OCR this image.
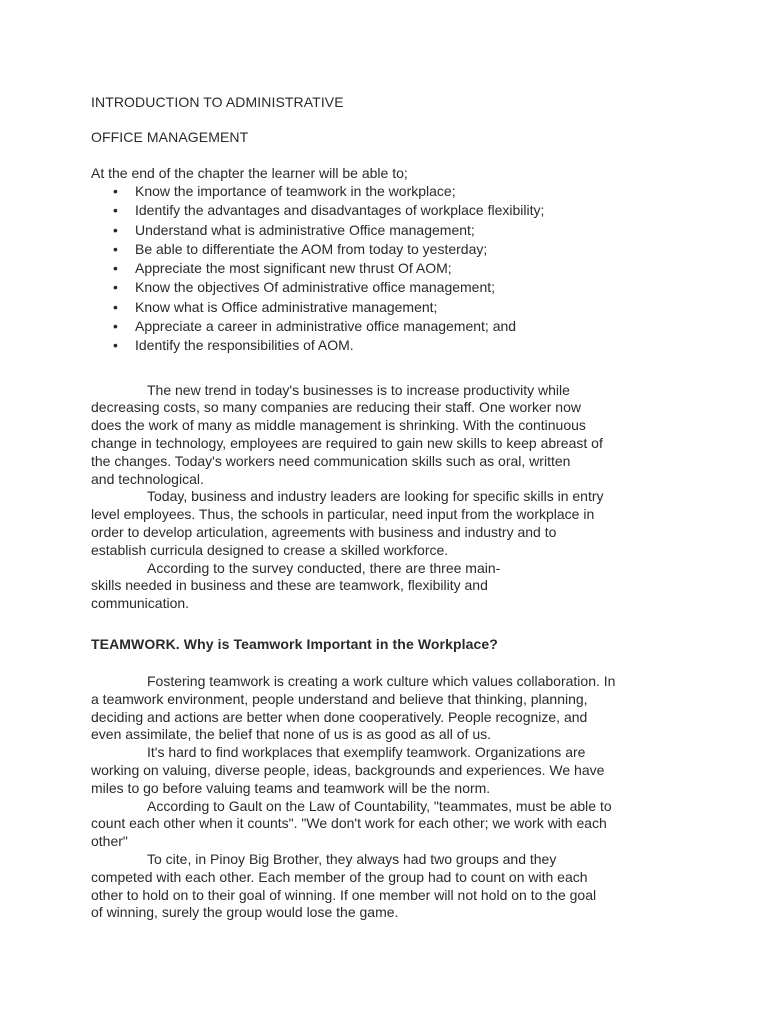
INTRODUCTION TO ADMINISTRATIVE

OFFICE MANAGEMENT

At the end of the chapter the learner will be able to;

• Know the importance of teamwork in the workplace;
• Identify the advantages and disadvantages of workplace flexibility;
• Understand what is administrative Office management;
• Be able to differentiate the AOM from today to yesterday;
• Appreciate the most significant new thrust Of AOM;
• Know the objectives Of administrative office management;
• Know what is Office administrative management;
• Appreciate a career in administrative office management; and
• Identify the responsibilities of AOM.
The new trend in today's businesses is to increase productivity while
decreasing costs, so many companies are reducing their staff. One worker now
does the work of many as middle management is shrinking. With the continuous
change in technology, employees are required to gain new skills to keep abreast of
the changes. Today's workers need communication skills such as oral, written
and technological.
Today, business and industry leaders are looking for specific skills in entry
level employees. Thus, the schools in particular, need input from the workplace in
order to develop articulation, agreements with business and industry and to
establish curricula designed to crease a skilled workforce.
According to the survey conducted, there are three main-
skills needed in business and these are teamwork, flexibility and
communication.

TEAMWORK. Why is Teamwork Important in the Workplace?

Fostering teamwork is creating a work culture which values collaboration. In
a teamwork environment, people understand and believe that thinking, planning,
deciding and actions are better when done cooperatively. People recognize, and
even assimilate, the belief that none of us is as good as all of us.
It's hard to find workplaces that exemplify teamwork. Organizations are
working on valuing, diverse people, ideas, backgrounds and experiences. We have
miles to go before valuing teams and teamwork will be the norm.
According to Gault on the Law of Countability, "teammates, must be able to
count each other when it counts". "We don't work for each other; we work with each
other"
To cite, in Pinoy Big Brother, they always had two groups and they
competed with each other. Each member of the group had to count on with each
other to hold on to their goal of winning. If one member will not hold on to the goal
of winning, surely the group would lose the game.
